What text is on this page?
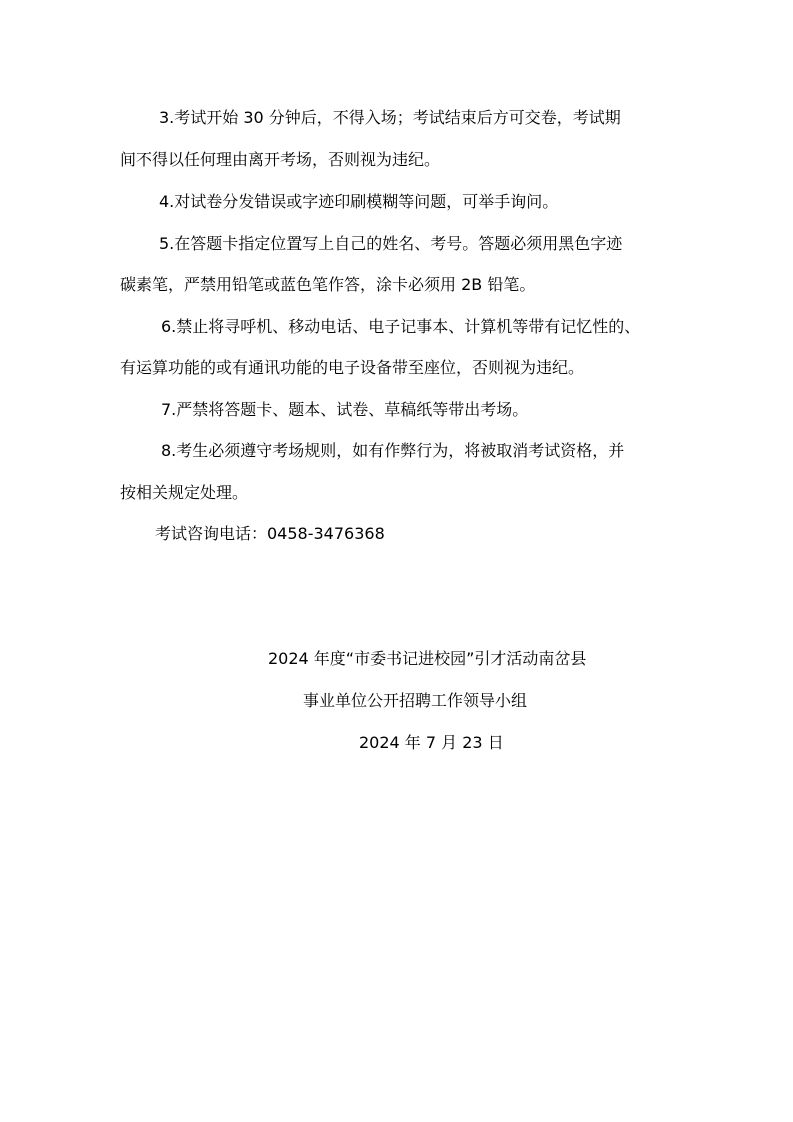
3.考试开始 30 分钟后，不得入场；考试结束后方可交卷，考试期
间不得以任何理由离开考场，否则视为违纪。
4.对试卷分发错误或字迹印刷模糊等问题，可举手询问。
5.在答题卡指定位置写上自己的姓名、考号。答题必须用黑色字迹
碳素笔，严禁用铅笔或蓝色笔作答，涂卡必须用 2B 铅笔。
6.禁止将寻呼机、移动电话、电子记事本、计算机等带有记忆性的、
有运算功能的或有通讯功能的电子设备带至座位，否则视为违纪。
7.严禁将答题卡、题本、试卷、草稿纸等带出考场。
8.考生必须遵守考场规则，如有作弊行为，将被取消考试资格，并
按相关规定处理。
考试咨询电话：0458-3476368
2024 年度“市委书记进校园”引才活动南岔县
事业单位公开招聘工作领导小组
2024 年 7 月 23 日
